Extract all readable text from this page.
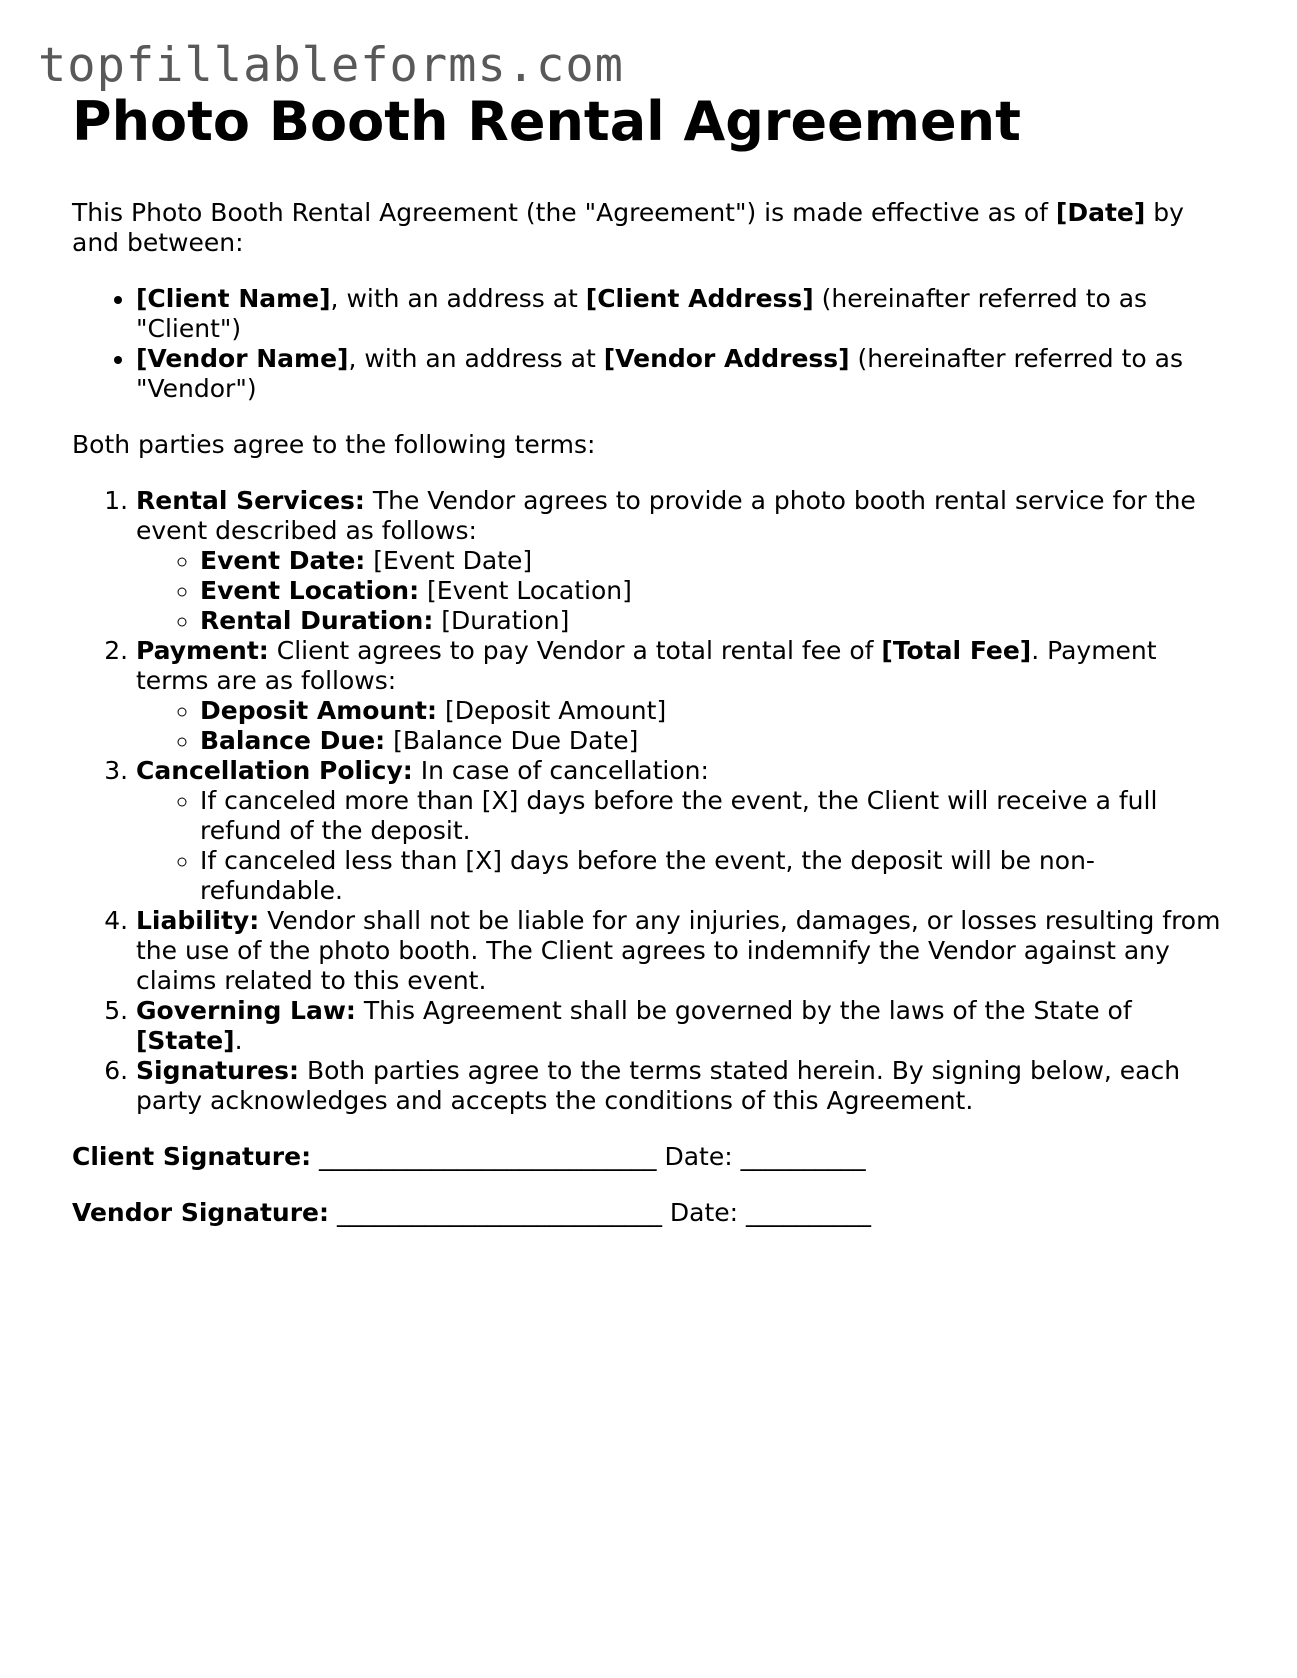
topfillableforms.com
Photo Booth Rental Agreement

This Photo Booth Rental Agreement (the "Agreement") is made effective as of [Date] by and between:

• [Client Name], with an address at [Client Address] (hereinafter referred to as "Client")
• [Vendor Name], with an address at [Vendor Address] (hereinafter referred to as "Vendor")

Both parties agree to the following terms:

1. Rental Services: The Vendor agrees to provide a photo booth rental service for the event described as follows:
◦ Event Date: [Event Date]
◦ Event Location: [Event Location]
◦ Rental Duration: [Duration]
2. Payment: Client agrees to pay Vendor a total rental fee of [Total Fee]. Payment terms are as follows:
◦ Deposit Amount: [Deposit Amount]
◦ Balance Due: [Balance Due Date]
3. Cancellation Policy: In case of cancellation:
◦ If canceled more than [X] days before the event, the Client will receive a full refund of the deposit.
◦ If canceled less than [X] days before the event, the deposit will be non-refundable.
4. Liability: Vendor shall not be liable for any injuries, damages, or losses resulting from the use of the photo booth. The Client agrees to indemnify the Vendor against any claims related to this event.
5. Governing Law: This Agreement shall be governed by the laws of the State of [State].
6. Signatures: Both parties agree to the terms stated herein. By signing below, each party acknowledges and accepts the conditions of this Agreement.
Client Signature: ___________________________ Date: __________
Vendor Signature: __________________________ Date: __________
